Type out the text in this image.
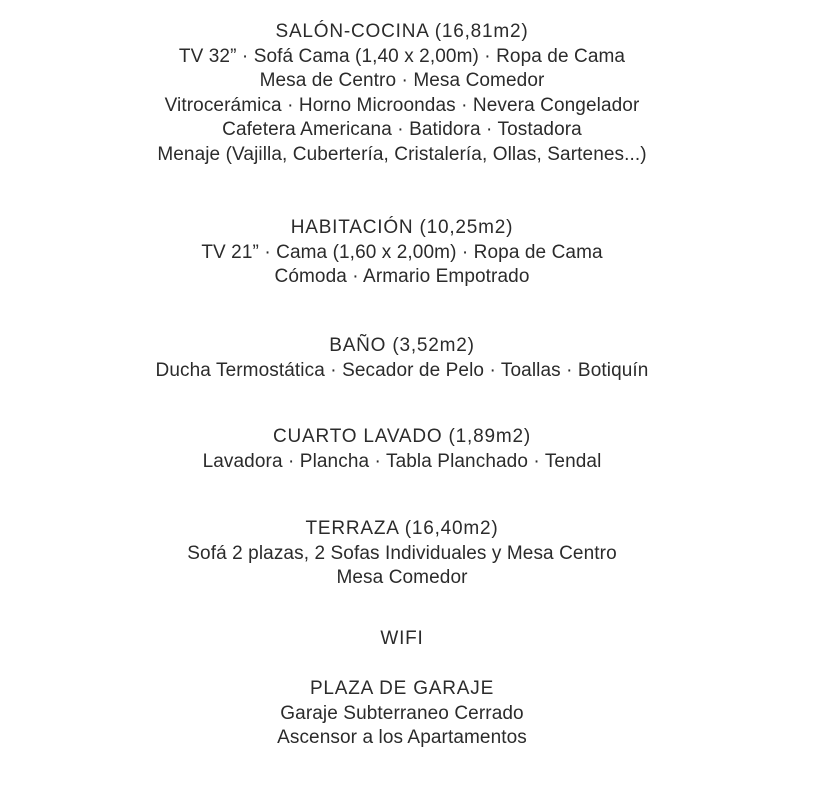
SALÓN-COCINA (16,81m2)
TV 32” · Sofá Cama (1,40 x 2,00m) · Ropa de Cama
Mesa de Centro · Mesa Comedor
Vitrocerámica · Horno Microondas · Nevera Congelador
Cafetera Americana · Batidora · Tostadora
Menaje (Vajilla, Cubertería, Cristalería, Ollas, Sartenes...)
HABITACIÓN (10,25m2)
TV 21” · Cama (1,60 x 2,00m) · Ropa de Cama
Cómoda · Armario Empotrado
BAÑO (3,52m2)
Ducha Termostática · Secador de Pelo · Toallas · Botiquín
CUARTO LAVADO (1,89m2)
Lavadora · Plancha · Tabla Planchado · Tendal
TERRAZA (16,40m2)
Sofá 2 plazas, 2 Sofas Individuales y Mesa Centro
Mesa Comedor
WIFI
PLAZA DE GARAJE
Garaje Subterraneo Cerrado
Ascensor a los Apartamentos
